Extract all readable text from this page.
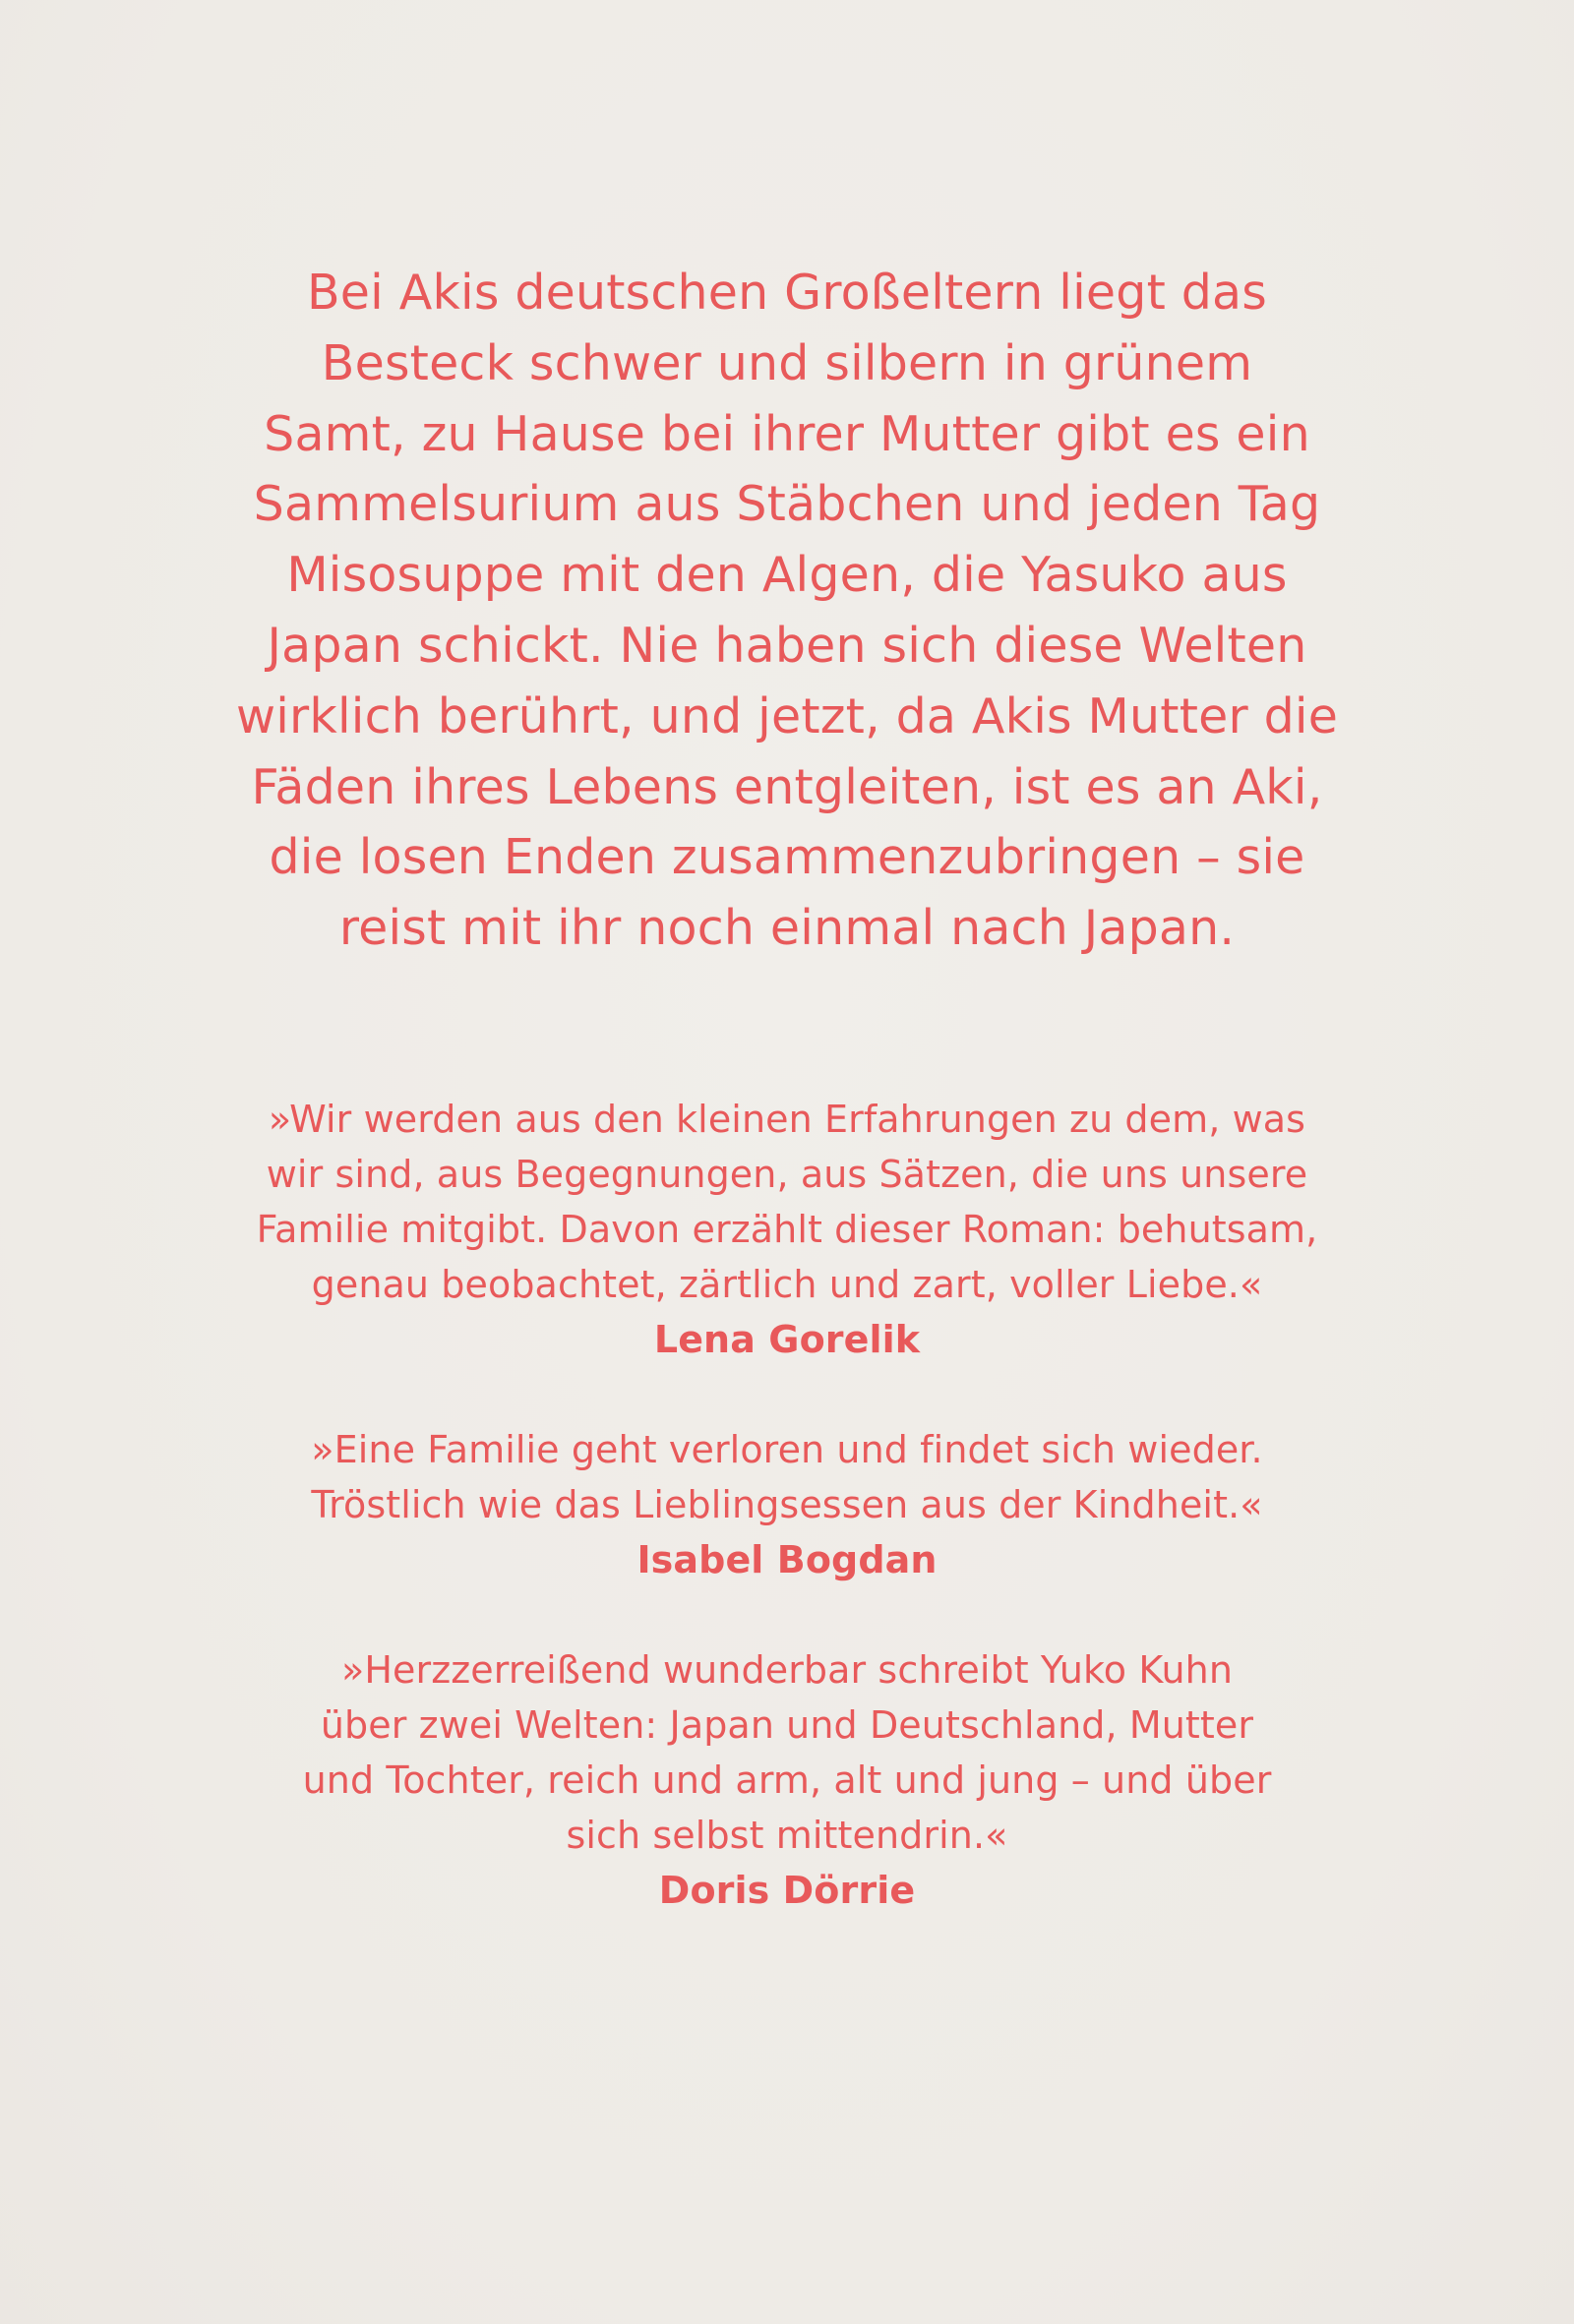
Bei Akis deutschen Großeltern liegt das
Besteck schwer und silbern in grünem
Samt, zu Hause bei ihrer Mutter gibt es ein
Sammelsurium aus Stäbchen und jeden Tag
Misosuppe mit den Algen, die Yasuko aus
Japan schickt. Nie haben sich diese Welten
wirklich berührt, und jetzt, da Akis Mutter die
Fäden ihres Lebens entgleiten, ist es an Aki,
die losen Enden zusammenzubringen – sie
reist mit ihr noch einmal nach Japan.

»Wir werden aus den kleinen Erfahrungen zu dem, was
wir sind, aus Begegnungen, aus Sätzen, die uns unsere
Familie mitgibt. Davon erzählt dieser Roman: behutsam,
genau beobachtet, zärtlich und zart, voller Liebe.«
Lena Gorelik
»Eine Familie geht verloren und findet sich wieder.
Tröstlich wie das Lieblingsessen aus der Kindheit.«
Isabel Bogdan
»Herzzerreißend wunderbar schreibt Yuko Kuhn
über zwei Welten: Japan und Deutschland, Mutter
und Tochter, reich und arm, alt und jung – und über
sich selbst mittendrin.«
Doris Dörrie
